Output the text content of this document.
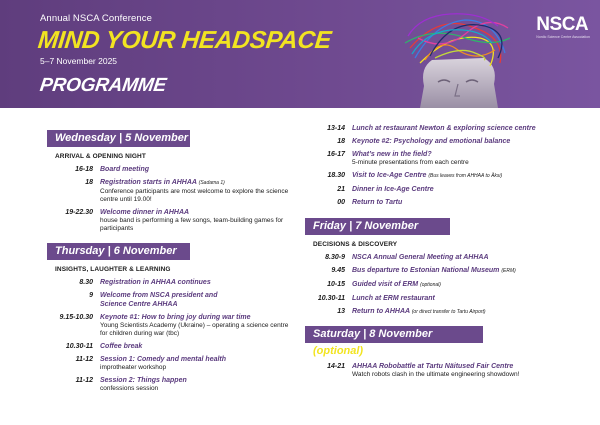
Annual NSCA Conference
MIND YOUR HEADSPACE
5–7 November 2025
PROGRAMME
NSCA
Nordic Science Centre Association
Wednesday | 5 November
ARRIVAL & OPENING NIGHT
16-18	Board meeting
18	Registration starts in AHHAA (Sadama 1)
Conference participants are most welcome to explore the science centre until 19.00!
19-22.30	Welcome dinner in AHHAA
house band is performing a few songs, team-building games for participants
Thursday | 6 November
INSIGHTS, LAUGHTER & LEARNING
8.30	Registration in AHHAA continues
9	Welcome from NSCA president and Science Centre AHHAA
9.15-10.30	Keynote #1: How to bring joy during war time
Young Scientists Academy (Ukraine) – operating a science centre for children during war (tbc)
10.30-11	Coffee break
11-12	Session 1: Comedy and mental health
improtheater workshop
11-12	Session 2: Things happen
confessions session
13-14	Lunch at restaurant Newton & exploring science centre
18	Keynote #2: Psychology and emotional balance
16-17	What’s new in the field?
5-minute presentations from each centre
18.30	Visit to Ice-Age Centre (Bus leaves from AHHAA to Äksi)
21	Dinner in Ice-Age Centre
00	Return to Tartu
Friday | 7 November
DECISIONS & DISCOVERY
8.30-9	NSCA Annual General Meeting at AHHAA
9.45	Bus departure to Estonian National Museum (ERM)
10-15	Guided visit of ERM (optional)
10.30-11	Lunch at ERM restaurant
13	Return to AHHAA (or direct transfer to Tartu Airport)
Saturday | 8 November (optional)
14-21	AHHAA Robobattle at Tartu Näitused Fair Centre
Watch robots clash in the ultimate engineering showdown!
